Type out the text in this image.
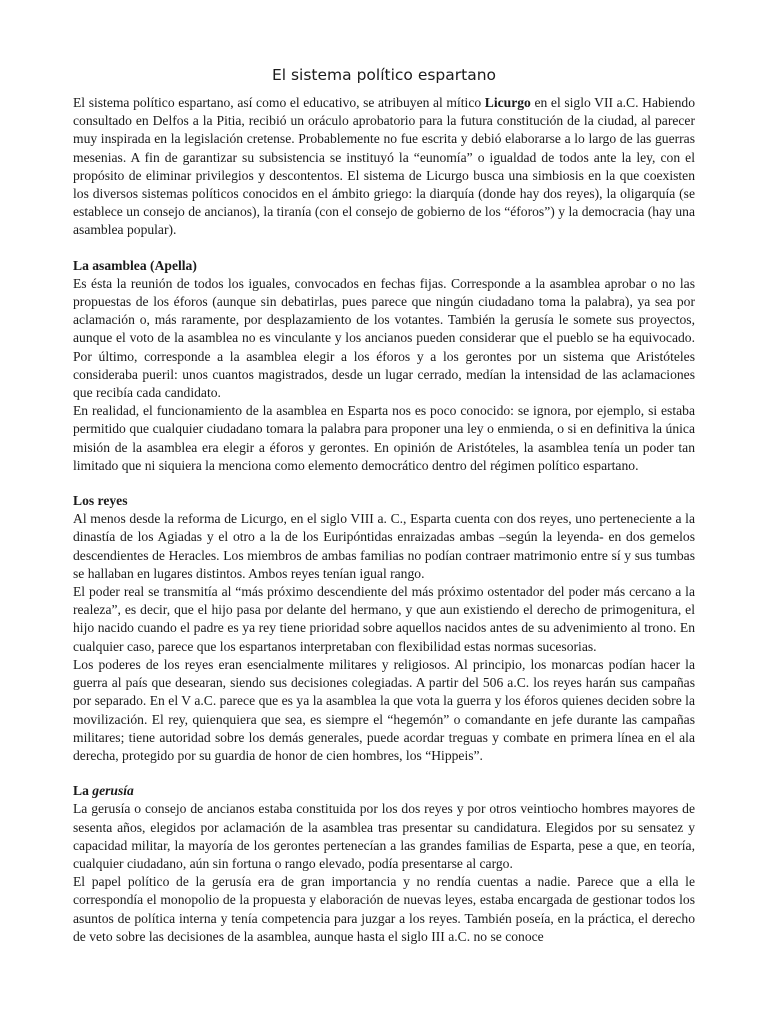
El sistema político espartano

El sistema político espartano, así como el educativo, se atribuyen al mítico Licurgo en el siglo VII a.C. Habiendo consultado en Delfos a la Pitia, recibió un oráculo aprobatorio para la futura constitución de la ciudad, al parecer muy inspirada en la legislación cretense. Probablemente no fue escrita y debió elaborarse a lo largo de las guerras mesenias. A fin de garantizar su subsistencia se instituyó la “eunomía” o igualdad de todos ante la ley, con el propósito de eliminar privilegios y descontentos. El sistema de Licurgo busca una simbiosis en la que coexisten los diversos sistemas políticos conocidos en el ámbito griego: la diarquía (donde hay dos reyes), la oligarquía (se establece un consejo de ancianos), la tiranía (con el consejo de gobierno de los “éforos”) y la democracia (hay una asamblea popular).

La asamblea (Apella)

Es ésta la reunión de todos los iguales, convocados en fechas fijas. Corresponde a la asamblea aprobar o no las propuestas de los éforos (aunque sin debatirlas, pues parece que ningún ciudadano toma la palabra), ya sea por aclamación o, más raramente, por desplazamiento de los votantes. También la gerusía le somete sus proyectos, aunque el voto de la asamblea no es vinculante y los ancianos pueden considerar que el pueblo se ha equivocado. Por último, corresponde a la asamblea elegir a los éforos y a los gerontes por un sistema que Aristóteles consideraba pueril: unos cuantos magistrados, desde un lugar cerrado, medían la intensidad de las aclamaciones que recibía cada candidato.

En realidad, el funcionamiento de la asamblea en Esparta nos es poco conocido: se ignora, por ejemplo, si estaba permitido que cualquier ciudadano tomara la palabra para proponer una ley o enmienda, o si en definitiva la única misión de la asamblea era elegir a éforos y gerontes. En opinión de Aristóteles, la asamblea tenía un poder tan limitado que ni siquiera la menciona como elemento democrático dentro del régimen político espartano.

Los reyes

Al menos desde la reforma de Licurgo, en el siglo VIII a. C., Esparta cuenta con dos reyes, uno perteneciente a la dinastía de los Agiadas y el otro a la de los Euripóntidas enraizadas ambas –según la leyenda- en dos gemelos descendientes de Heracles. Los miembros de ambas familias no podían contraer matrimonio entre sí y sus tumbas se hallaban en lugares distintos. Ambos reyes tenían igual rango.

El poder real se transmitía al “más próximo descendiente del más próximo ostentador del poder más cercano a la realeza”, es decir, que el hijo pasa por delante del hermano, y que aun existiendo el derecho de primogenitura, el hijo nacido cuando el padre es ya rey tiene prioridad sobre aquellos nacidos antes de su advenimiento al trono. En cualquier caso, parece que los espartanos interpretaban con flexibilidad estas normas sucesorias.

Los poderes de los reyes eran esencialmente militares y religiosos. Al principio, los monarcas podían hacer la guerra al país que desearan, siendo sus decisiones colegiadas. A partir del 506 a.C. los reyes harán sus campañas por separado. En el V a.C. parece que es ya la asamblea la que vota la guerra y los éforos quienes deciden sobre la movilización. El rey, quienquiera que sea, es siempre el “hegemón” o comandante en jefe durante las campañas militares; tiene autoridad sobre los demás generales, puede acordar treguas y combate en primera línea en el ala derecha, protegido por su guardia de honor de cien hombres, los “Hippeis”.

La gerusía

La gerusía o consejo de ancianos estaba constituida por los dos reyes y por otros veintiocho hombres mayores de sesenta años, elegidos por aclamación de la asamblea tras presentar su candidatura. Elegidos por su sensatez y capacidad militar, la mayoría de los gerontes pertenecían a las grandes familias de Esparta, pese a que, en teoría, cualquier ciudadano, aún sin fortuna o rango elevado, podía presentarse al cargo.

El papel político de la gerusía era de gran importancia y no rendía cuentas a nadie. Parece que a ella le correspondía el monopolio de la propuesta y elaboración de nuevas leyes, estaba encargada de gestionar todos los asuntos de política interna y tenía competencia para juzgar a los reyes. También poseía, en la práctica, el derecho de veto sobre las decisiones de la asamblea, aunque hasta el siglo III a.C. no se conoce
